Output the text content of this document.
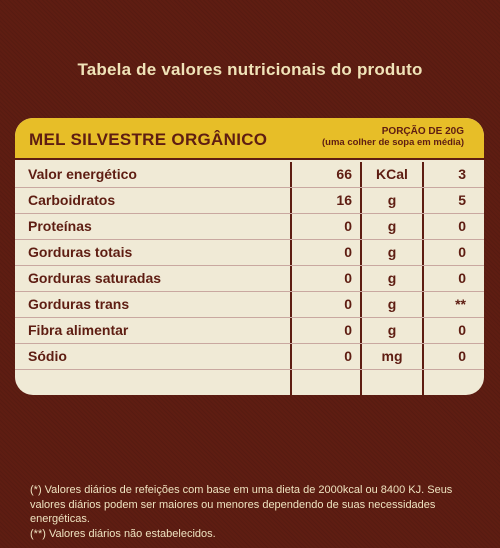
Tabela de valores nutricionais do produto
MEL SILVESTRE ORGÂNICO	PORÇÃO DE 20G
(uma colher de sopa em média)
Valor energético	66	KCal	3
Carboidratos	16	g	5
Proteínas	0	g	0
Gorduras totais	0	g	0
Gorduras saturadas	0	g	0
Gorduras trans	0	g	**
Fibra alimentar	0	g	0
Sódio	0	mg	0

(*) Valores diários de refeições com base em uma dieta de 2000kcal ou 8400 KJ. Seus valores diários podem ser maiores ou menores dependendo de suas necessidades energéticas.

(**) Valores diários não estabelecidos.
